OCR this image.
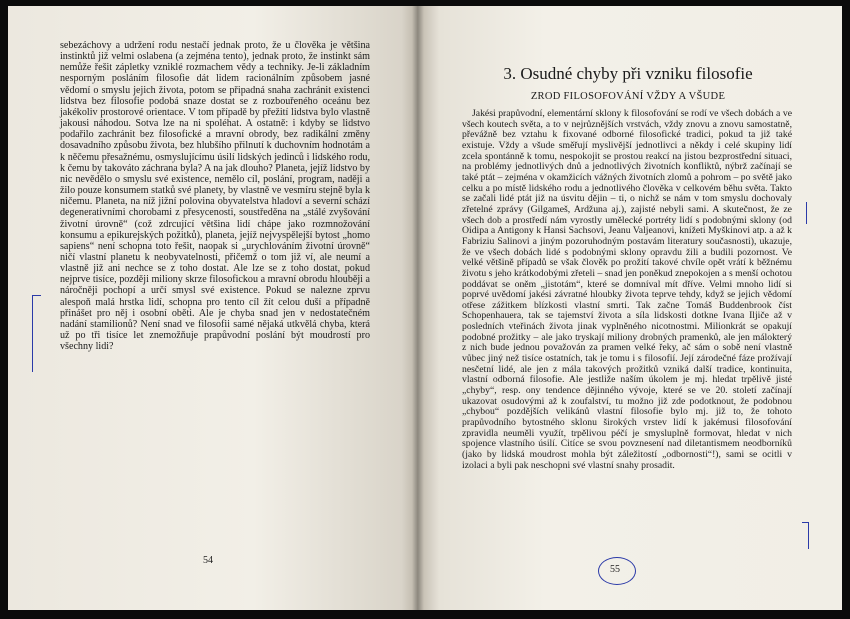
sebezáchovy a udržení rodu nestačí jednak proto, že u člověka je většina instinktů již velmi oslabena (a zejména tento), jednak proto, že instinkt sám nemůže řešit zápletky vzniklé rozmachem vědy a techniky. Je-li základním nesporným posláním filosofie dát lidem racionálním způsobem jasné vědomí o smyslu jejich života, potom se připadná snaha zachránit existenci lidstva bez filosofie podobá snaze dostat se z rozbouřeného oceánu bez jakékoliv prostorové orientace. V tom případě by přežití lidstva bylo vlastně jakousi náhodou. Sotva lze na ni spoléhat. A ostatně: i kdyby se lidstvo podařilo zachránit bez filosofické a mravní obrody, bez radikální změny dosavadního způsobu života, bez hlubšího přilnutí k duchovním hodnotám a k něčemu přesažnému, osmyslujícímu úsilí lidských jedinců i lidského rodu, k čemu by takováto záchrana byla? A na jak dlouho? Planeta, jejíž lidstvo by nic nevědělo o smyslu své existence, nemělo cíl, poslání, program, naději a žilo pouze konsumem statků své planety, by vlastně ve vesmíru stejně byla k ničemu. Planeta, na níž jižní polovina obyvatelstva hladoví a severní schází degenerativními chorobami z přesycenosti, soustředěna na „stálé zvyšování životní úrovně“ (což zdrcující většina lidí chápe jako rozmnožování konsumu a epikurejských požitků), planeta, jejíž nejvyspělejší bytost „homo sapiens“ není schopna toto řešit, naopak si „urychlováním životní úrovně“ ničí vlastní planetu k neobyvatelnosti, přičemž o tom již ví, ale neumí a vlastně již ani nechce se z toho dostat. Ale lze se z toho dostat, pokud nejprve tisíce, později miliony skrze filosofickou a mravní obrodu hlouběji a náročněji pochopí a určí smysl své existence. Pokud se nalezne zprvu alespoň malá hrstka lidí, schopna pro tento cíl žít celou duší a případně přinášet pro něj i osobní oběti. Ale je chyba snad jen v nedostatečném nadání stamilionů? Není snad ve filosofii samé nějaká utkvělá chyba, která už po tři tisíce let znemožňuje prapůvodní poslání být moudrostí pro všechny lidi?

54
3. Osudné chyby při vzniku filosofie
ZROD FILOSOFOVÁNÍ VŽDY A VŠUDE

Jakési prapůvodní, elementární sklony k filosofování se rodí ve všech dobách a ve všech koutech světa, a to v nejrůznějších vrstvách, vždy znovu a znovu samostatně, převážně bez vztahu k fixované odborné filosofické tradici, pokud ta již také existuje. Vždy a všude směřují myslivější jednotlivci a někdy i celé skupiny lidí zcela spontánně k tomu, nespokojit se prostou reakcí na jistou bezprostřední situaci, na problémy jednotlivých dnů a jednotlivých životních konfliktů, nýbrž začínají se také ptát – zejména v okamžicích vážných životních zlomů a pohrom – po světě jako celku a po místě lidského rodu a jednotlivého člověka v celkovém běhu světa. Takto se začali lidé ptát již na úsvitu dějin – ti, o nichž se nám v tom smyslu dochovaly zřetelné zprávy (Gilgameš, Ardžuna aj.), zajisté nebyli sami. A skutečnost, že ze všech dob a prostředí nám vyrostly umělecké portréty lidí s podobnými sklony (od Oidipa a Antigony k Hansi Sachsovi, Jeanu Valjeanovi, knížeti Myškinovi atp. a až k Fabriziu Salinovi a jiným pozoruhodným postavám literatury současnosti), ukazuje, že ve všech dobách lidé s podobnými sklony opravdu žili a budili pozornost. Ve velké většině případů se však člověk po prožití takové chvíle opět vrátí k běžnému životu s jeho krátkodobými zřeteli – snad jen poněkud znepokojen a s menší ochotou poddávat se oněm „jistotám“, které se domníval mít dříve. Velmi mnoho lidí si poprvé uvědomí jakési závratné hloubky života teprve tehdy, když se jejich vědomí otřese zážitkem blízkosti vlastní smrti. Tak začne Tomáš Buddenbrook číst Schopenhauera, tak se tajemství života a síla lidskosti dotkne Ivana Iljiče až v posledních vteřinách života jinak vyplněného nicotnostmi. Milionkrát se opakují podobné prožitky – ale jako tryskají miliony drobných pramenků, ale jen málokterý z nich bude jednou považován za pramen velké řeky, ač sám o sobě není vlastně vůbec jiný než tisíce ostatních, tak je tomu i s filosofií. Její zárodečné fáze prožívají nesčetní lidé, ale jen z mála takových prožitků vzniká další tradice, kontinuita, vlastní odborná filosofie. Ale jestliže naším úkolem je mj. hledat trpělivě jisté „chyby“, resp. ony tendence dějinného vývoje, které se ve 20. století začínají ukazovat osudovými až k zoufalství, tu možno již zde podotknout, že podobnou „chybou“ pozdějších velikánů vlastní filosofie bylo mj. již to, že tohoto prapůvodního bytostného sklonu širokých vrstev lidí k jakémusi filosofování zpravidla neuměli využít, trpělivou péčí je smysluplně formovat, hledat v nich spojence vlastního úsilí. Citíce se svou povznesení nad diletantismem neodborníků (jako by lidská moudrost mohla být záležitostí „odbornosti“!), sami se ocitli v izolaci a byli pak neschopni své vlastní snahy prosadit.

55
